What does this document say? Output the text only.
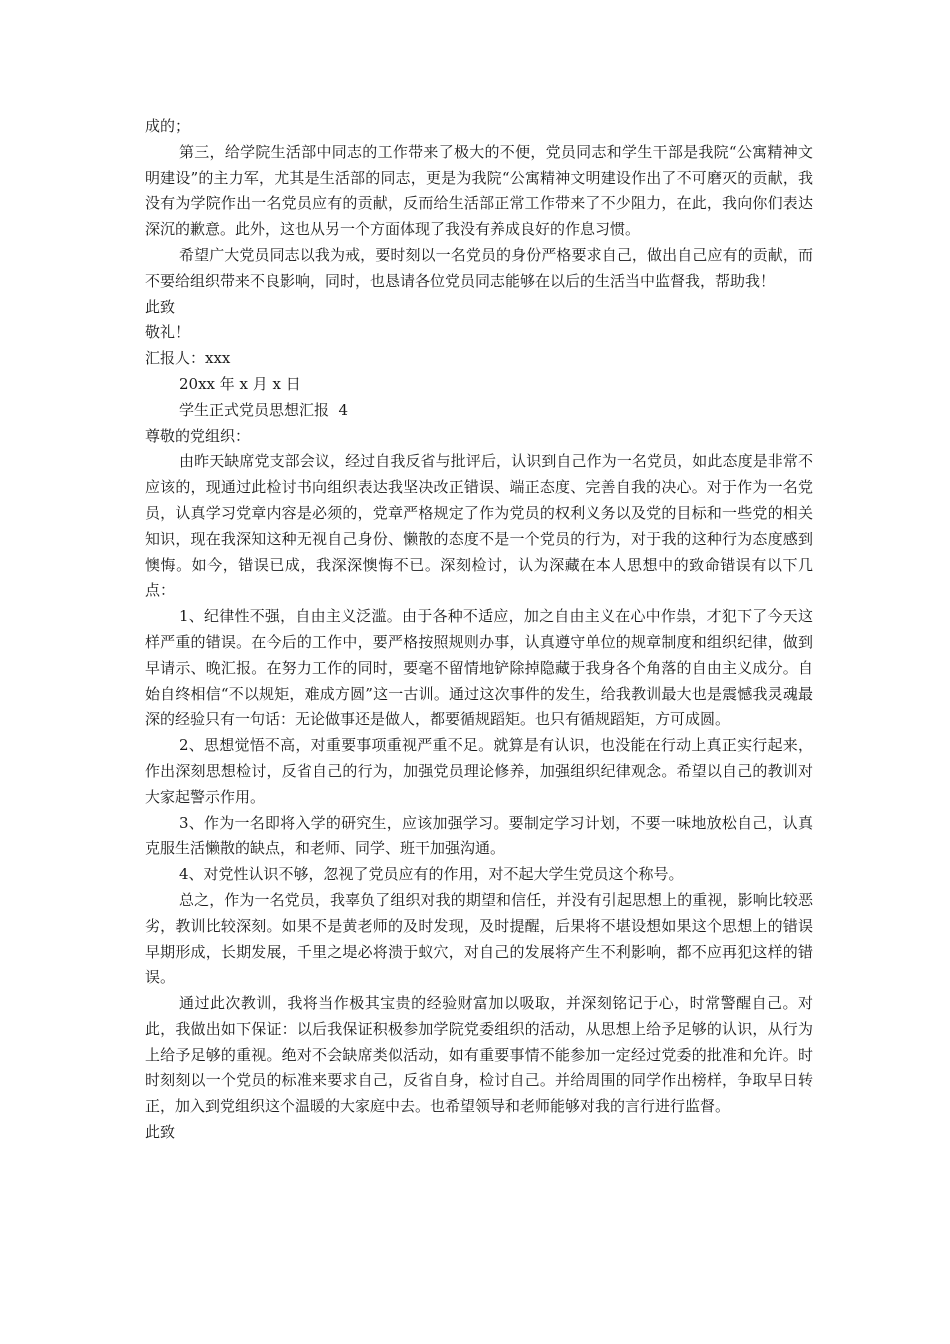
成的；

第三，给学院生活部中同志的工作带来了极大的不便，党员同志和学生干部是我院“公寓精神文明建设”的主力军，尤其是生活部的同志，更是为我院“公寓精神文明建设作出了不可磨灭的贡献，我没有为学院作出一名党员应有的贡献，反而给生活部正常工作带来了不少阻力，在此，我向你们表达深沉的歉意。此外，这也从另一个方面体现了我没有养成良好的作息习惯。

希望广大党员同志以我为戒，要时刻以一名党员的身份严格要求自己，做出自己应有的贡献，而不要给组织带来不良影响，同时，也恳请各位党员同志能够在以后的生活当中监督我，帮助我！

此致

敬礼！

汇报人：xxx

20xx 年 x 月 x 日

学生正式党员思想汇报  4

尊敬的党组织：

由昨天缺席党支部会议，经过自我反省与批评后，认识到自己作为一名党员，如此态度是非常不应该的，现通过此检讨书向组织表达我坚决改正错误、端正态度、完善自我的决心。对于作为一名党员，认真学习党章内容是必须的，党章严格规定了作为党员的权利义务以及党的目标和一些党的相关知识，现在我深知这种无视自己身份、懒散的态度不是一个党员的行为，对于我的这种行为态度感到懊悔。如今，错误已成，我深深懊悔不已。深刻检讨，认为深藏在本人思想中的致命错误有以下几点：

1、纪律性不强，自由主义泛滥。由于各种不适应，加之自由主义在心中作祟，才犯下了今天这样严重的错误。在今后的工作中，要严格按照规则办事，认真遵守单位的规章制度和组织纪律，做到早请示、晚汇报。在努力工作的同时，要毫不留情地铲除掉隐藏于我身各个角落的自由主义成分。自始自终相信“不以规矩，难成方圆”这一古训。通过这次事件的发生，给我教训最大也是震憾我灵魂最深的经验只有一句话：无论做事还是做人，都要循规蹈矩。也只有循规蹈矩，方可成圆。

2、思想觉悟不高，对重要事项重视严重不足。就算是有认识，也没能在行动上真正实行起来，作出深刻思想检讨，反省自己的行为，加强党员理论修养，加强组织纪律观念。希望以自己的教训对大家起警示作用。

3、作为一名即将入学的研究生，应该加强学习。要制定学习计划，不要一味地放松自己，认真克服生活懒散的缺点，和老师、同学、班干加强沟通。

4、对党性认识不够，忽视了党员应有的作用，对不起大学生党员这个称号。

总之，作为一名党员，我辜负了组织对我的期望和信任，并没有引起思想上的重视，影响比较恶劣，教训比较深刻。如果不是黄老师的及时发现，及时提醒，后果将不堪设想如果这个思想上的错误早期形成，长期发展，千里之堤必将溃于蚁穴，对自己的发展将产生不利影响，都不应再犯这样的错误。

通过此次教训，我将当作极其宝贵的经验财富加以吸取，并深刻铭记于心，时常警醒自己。对此，我做出如下保证：以后我保证积极参加学院党委组织的活动，从思想上给予足够的认识，从行为上给予足够的重视。绝对不会缺席类似活动，如有重要事情不能参加一定经过党委的批准和允许。时时刻刻以一个党员的标准来要求自己，反省自身，检讨自己。并给周围的同学作出榜样，争取早日转正，加入到党组织这个温暖的大家庭中去。也希望领导和老师能够对我的言行进行监督。

此致
